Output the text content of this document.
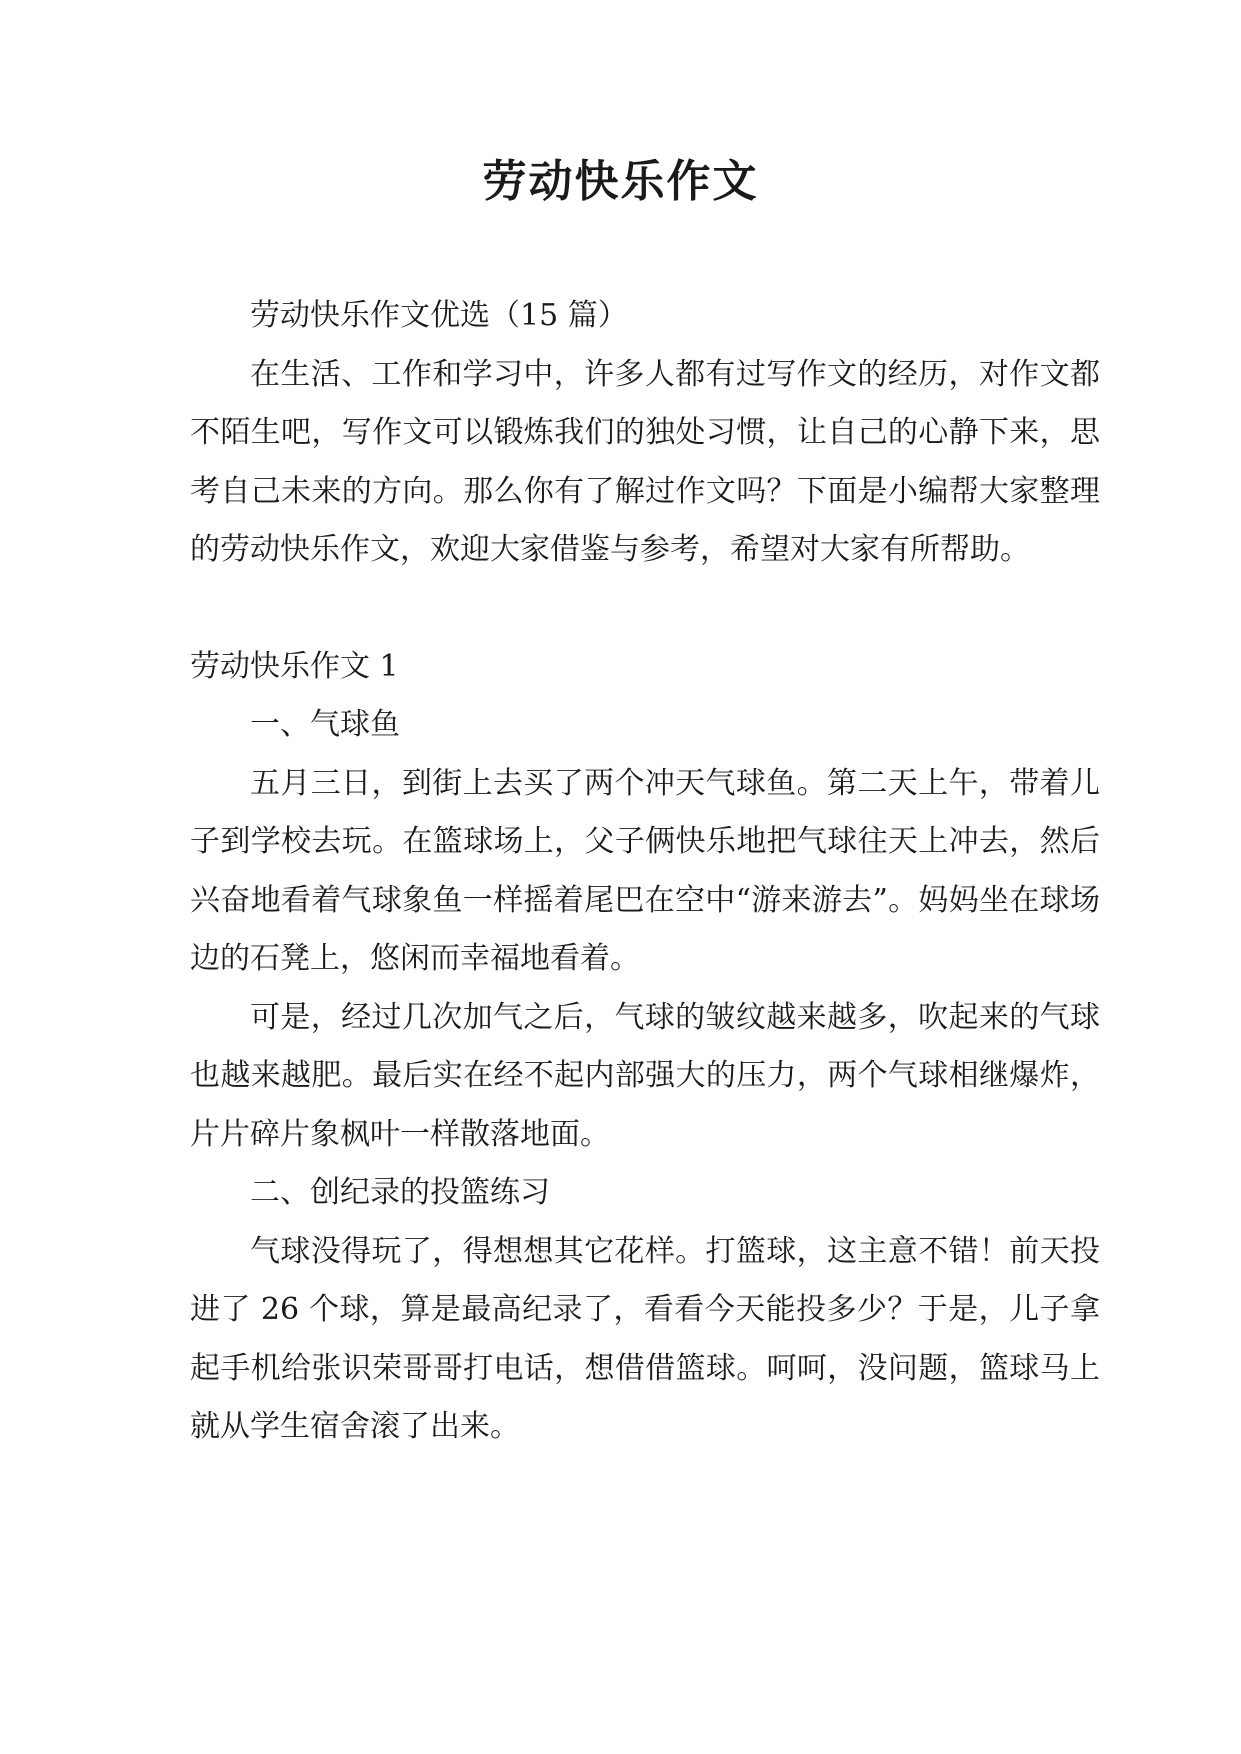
劳动快乐作文

劳动快乐作文优选（15 篇）

在生活、工作和学习中，许多人都有过写作文的经历，对作文都不陌生吧，写作文可以锻炼我们的独处习惯，让自己的心静下来，思考自己未来的方向。那么你有了解过作文吗？下面是小编帮大家整理的劳动快乐作文，欢迎大家借鉴与参考，希望对大家有所帮助。

劳动快乐作文 1

一、气球鱼

五月三日，到街上去买了两个冲天气球鱼。第二天上午，带着儿子到学校去玩。在篮球场上，父子俩快乐地把气球往天上冲去，然后兴奋地看着气球象鱼一样摇着尾巴在空中“游来游去”。妈妈坐在球场边的石凳上，悠闲而幸福地看着。

可是，经过几次加气之后，气球的皱纹越来越多，吹起来的气球也越来越肥。最后实在经不起内部强大的压力，两个气球相继爆炸，片片碎片象枫叶一样散落地面。

二、创纪录的投篮练习

气球没得玩了，得想想其它花样。打篮球，这主意不错！前天投进了 26 个球，算是最高纪录了，看看今天能投多少？于是，儿子拿起手机给张识荣哥哥打电话，想借借篮球。呵呵，没问题，篮球马上就从学生宿舍滚了出来。
